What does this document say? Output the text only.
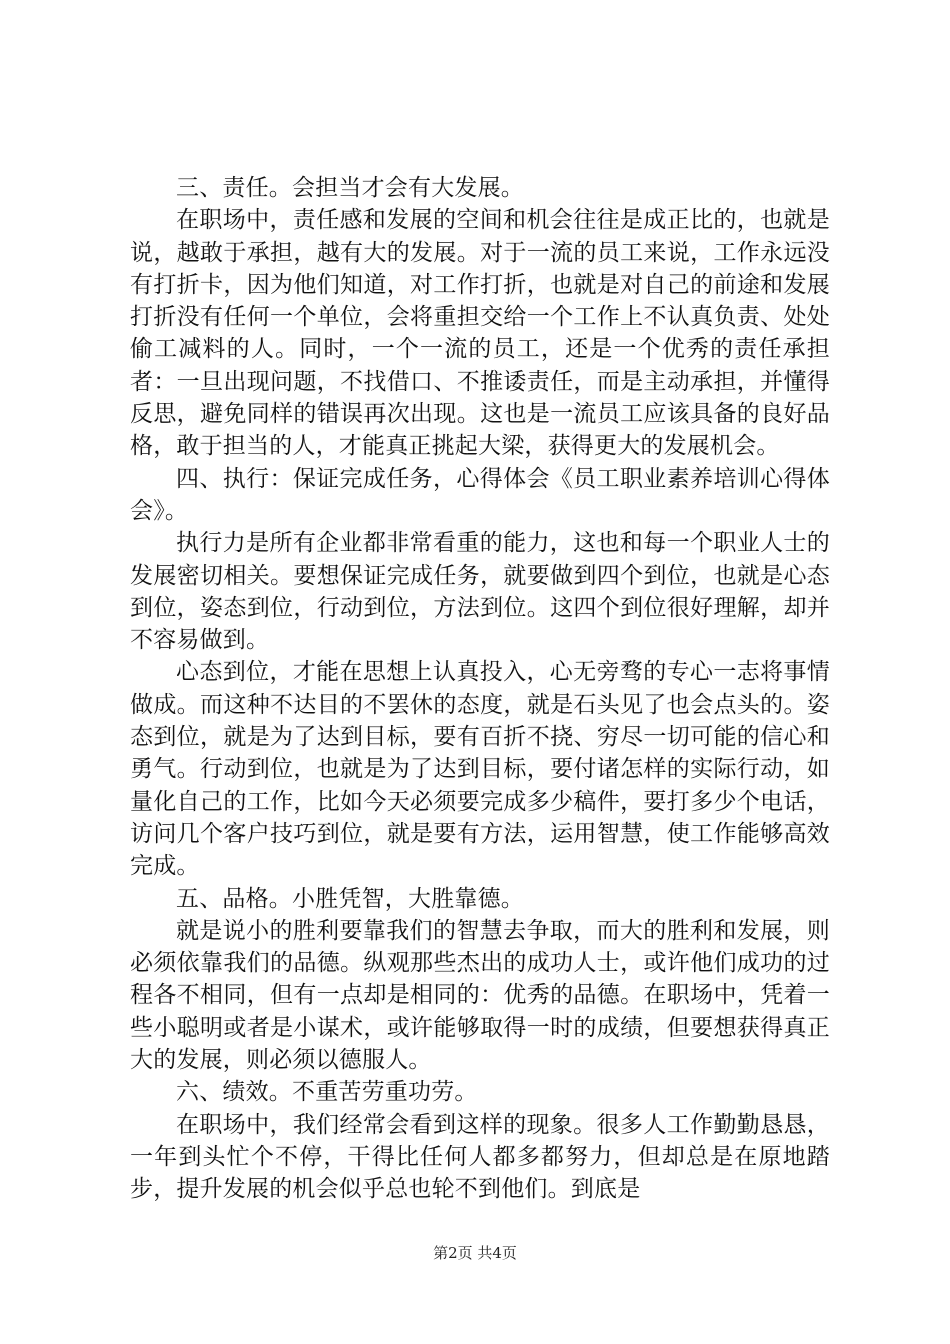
三、责任。会担当才会有大发展。

在职场中，责任感和发展的空间和机会往往是成正比的，也就是说，越敢于承担，越有大的发展。对于一流的员工来说，工作永远没有打折卡，因为他们知道，对工作打折，也就是对自己的前途和发展打折没有任何一个单位，会将重担交给一个工作上不认真负责、处处偷工减料的人。同时，一个一流的员工，还是一个优秀的责任承担者：一旦出现问题，不找借口、不推诿责任，而是主动承担，并懂得反思，避免同样的错误再次出现。这也是一流员工应该具备的良好品格，敢于担当的人，才能真正挑起大梁，获得更大的发展机会。

四、执行：保证完成任务，心得体会《员工职业素养培训心得体会》。

执行力是所有企业都非常看重的能力，这也和每一个职业人士的发展密切相关。要想保证完成任务，就要做到四个到位，也就是心态到位，姿态到位，行动到位，方法到位。这四个到位很好理解，却并不容易做到。

心态到位，才能在思想上认真投入，心无旁骛的专心一志将事情做成。而这种不达目的不罢休的态度，就是石头见了也会点头的。姿态到位，就是为了达到目标，要有百折不挠、穷尽一切可能的信心和勇气。行动到位，也就是为了达到目标，要付诸怎样的实际行动，如量化自己的工作，比如今天必须要完成多少稿件，要打多少个电话，访问几个客户技巧到位，就是要有方法，运用智慧，使工作能够高效完成。

五、品格。小胜凭智，大胜靠德。

就是说小的胜利要靠我们的智慧去争取，而大的胜利和发展，则必须依靠我们的品德。纵观那些杰出的成功人士，或许他们成功的过程各不相同，但有一点却是相同的：优秀的品德。在职场中，凭着一些小聪明或者是小谋术，或许能够取得一时的成绩，但要想获得真正大的发展，则必须以德服人。

六、绩效。不重苦劳重功劳。

在职场中，我们经常会看到这样的现象。很多人工作勤勤恳恳，一年到头忙个不停，干得比任何人都多都努力，但却总是在原地踏步，提升发展的机会似乎总也轮不到他们。到底是

第2页 共4页
